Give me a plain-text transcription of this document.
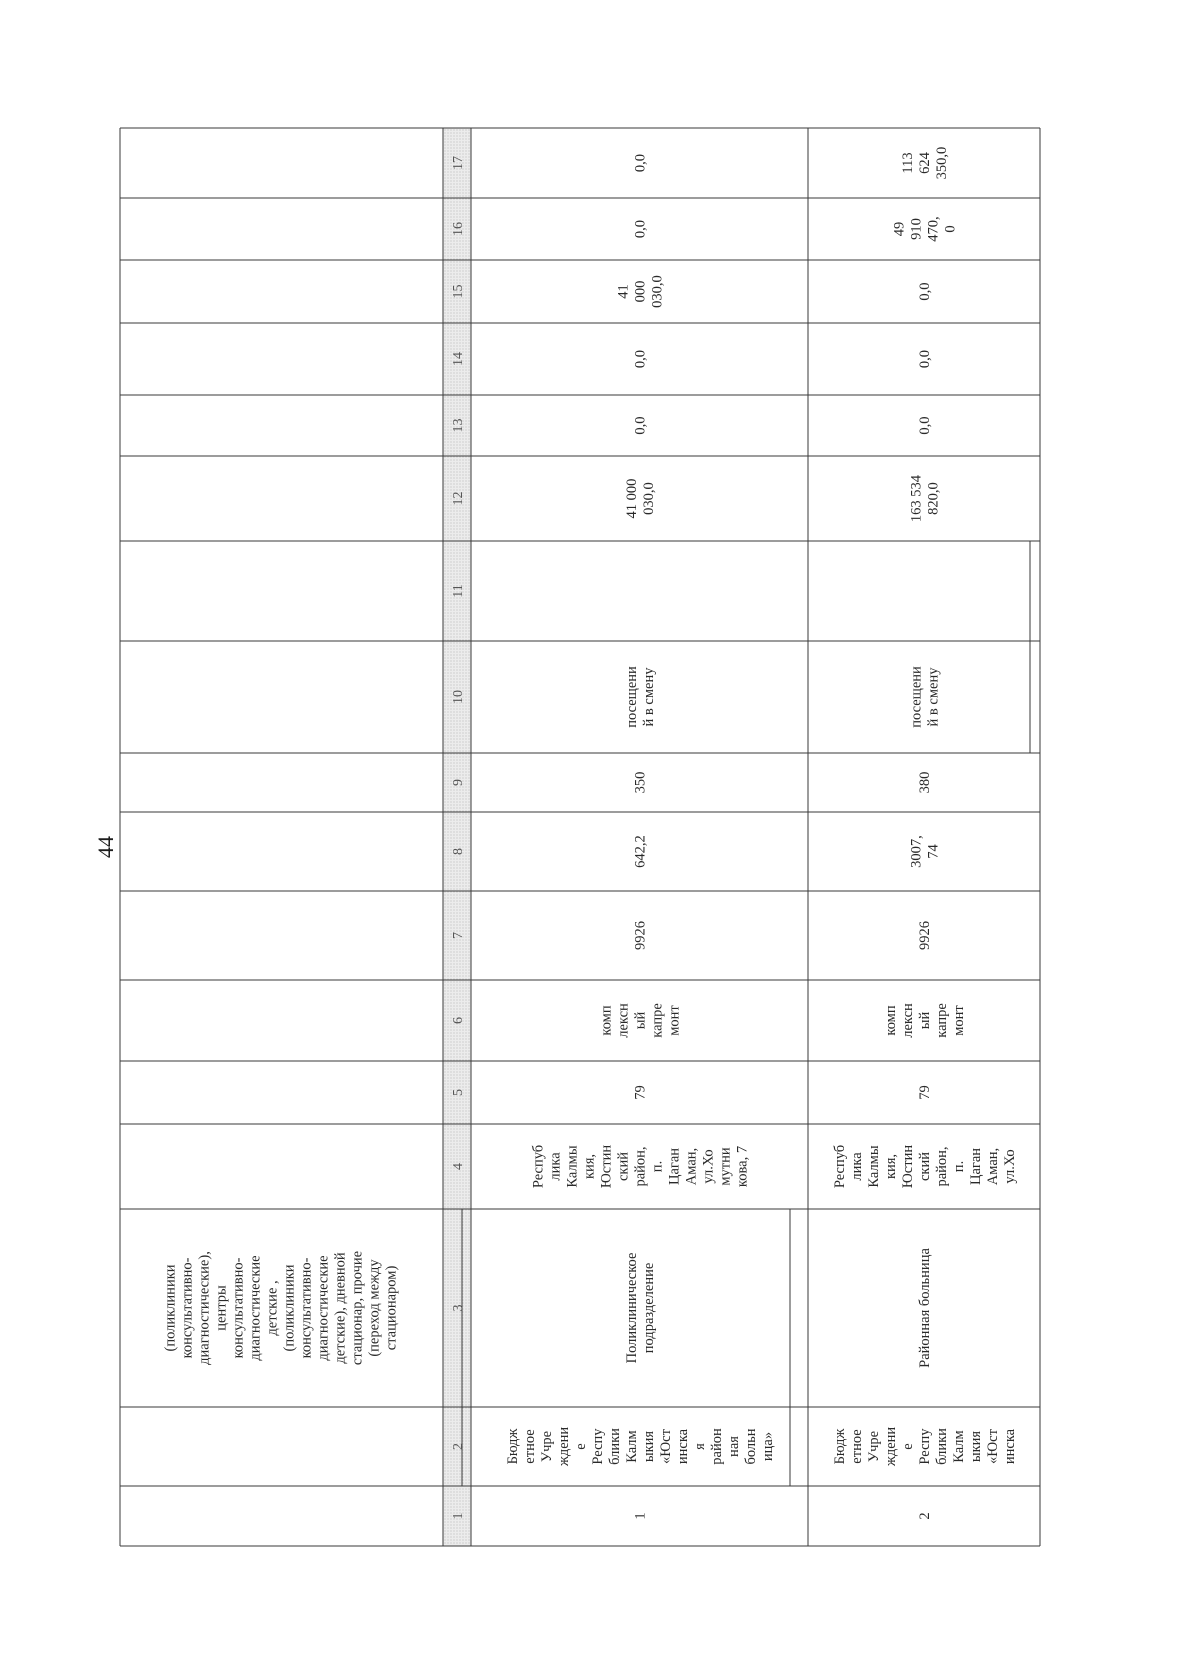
44
1
2
3
4
5
6
7
8
9
10
11
12
13
14
15
16
17
(поликлиники консультативно- диагностические), центры консультативно- диагностические детские , (поликлиники консультативно- диагностические детские), дневной стационар, прочие (переход между стационаром)
1
Бюдж етное Учре ждени е Респу блики Калм ыкия «Юст инска я район ная больн ица»
Поликлиническое подразделение
Респуб лика Калмы кия, Юстин ский район, п. Цаган Аман, ул.Хо мутни кова, 7
79
комп лексн ый капре монт
9926
642,2
350
посещени й в смену
41 000 030,0
0,0
0,0
41 000 030,0
0,0
0,0
2
Бюдж етное Учре ждени е Респу блики Калм ыкия «Юст инска
Районная больница
Респуб лика Калмы кия, Юстин ский район, п. Цаган Аман, ул.Хо
79
комп лексн ый капре монт
9926
3007, 74
380
посещени й в смену
163 534 820,0
0,0
0,0
0,0
49 910 470, 0
113 624 350,0
